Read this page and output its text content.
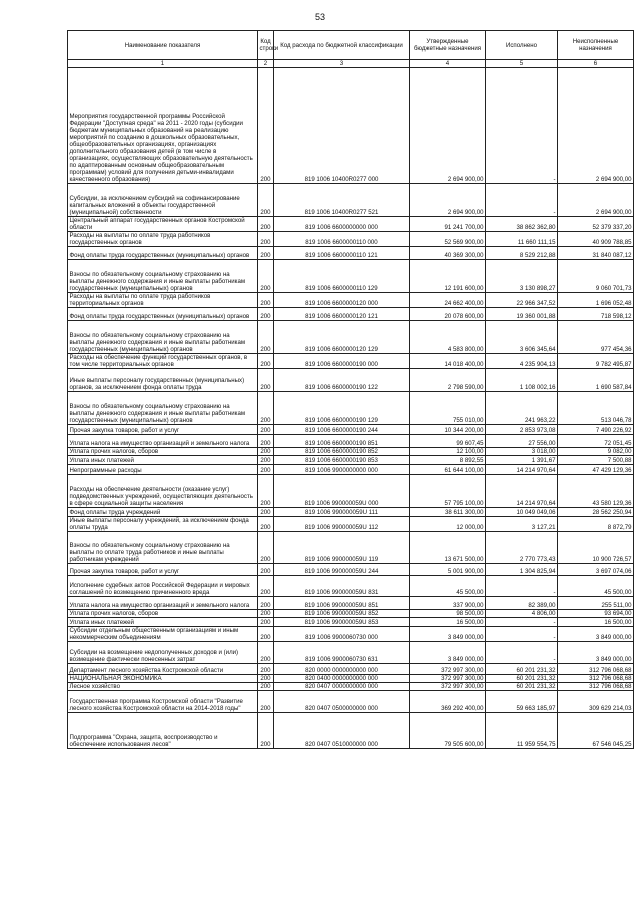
53
Наименование показателя	Код строки	Код расхода по бюджетной классификации	Утвержденные бюджетные назначения	Исполнено	Неисполненные назначения
1	2	3	4	5	6
Мероприятия государственной программы Российской Федерации "Доступная среда" на 2011 - 2020 годы (субсидии бюджетам муниципальных образований на реализацию мероприятий по созданию в дошкольных образовательных, общеобразовательных организациях, организациях дополнительного образования детей (в том числе в организациях, осуществляющих образовательную деятельность по адаптированным основным общеобразовательным программам) условий для получения детьми-инвалидами качественного образования)	200	819 1006 10400R0277 000	2 694 900,00	-	2 694 900,00
Субсидии, за исключением субсидий на софинансирование капитальных вложений в объекты государственной (муниципальной) собственности	200	819 1006 10400R0277 521	2 694 900,00	-	2 694 900,00
Центральный аппарат государственных органов Костромской области	200	819 1006 6600000000 000	91 241 700,00	38 862 362,80	52 379 337,20
Расходы на выплаты по оплате труда работников государственных органов	200	819 1006 6600000110 000	52 569 900,00	11 660 111,15	40 909 788,85
Фонд оплаты труда государственных (муниципальных) органов	200	819 1006 6600000110 121	40 369 300,00	8 529 212,88	31 840 087,12
Взносы по обязательному социальному страхованию на выплаты денежного содержания и иные выплаты работникам государственных (муниципальных) органов	200	819 1006 6600000110 129	12 191 600,00	3 130 898,27	9 060 701,73
Расходы на выплаты по оплате труда работников территориальных органов	200	819 1006 6600000120 000	24 662 400,00	22 966 347,52	1 696 052,48
Фонд оплаты труда государственных (муниципальных) органов	200	819 1006 6600000120 121	20 078 600,00	19 360 001,88	718 598,12
Взносы по обязательному социальному страхованию на выплаты денежного содержания и иные выплаты работникам государственных (муниципальных) органов	200	819 1006 6600000120 129	4 583 800,00	3 606 345,64	977 454,36
Расходы на обеспечение функций государственных органов, в том числе территориальных органов	200	819 1006 6600000190 000	14 018 400,00	4 235 904,13	9 782 495,87
Иные выплаты персоналу государственных (муниципальных) органов, за исключением фонда оплаты труда	200	819 1006 6600000190 122	2 798 590,00	1 108 002,16	1 690 587,84
Взносы по обязательному социальному страхованию на выплаты денежного содержания и иные выплаты работникам государственных (муниципальных) органов	200	819 1006 6600000190 129	755 010,00	241 963,22	513 046,78
Прочая закупка товаров, работ и услуг	200	819 1006 6600000190 244	10 344 200,00	2 853 973,08	7 490 226,92
Уплата налога на имущество организаций и земельного налога	200	819 1006 6600000190 851	99 607,45	27 556,00	72 051,45
Уплата прочих налогов, сборов	200	819 1006 6600000190 852	12 100,00	3 018,00	9 082,00
Уплата иных платежей	200	819 1006 6600000190 853	8 892,55	1 391,67	7 500,88
Непрограммные расходы	200	819 1006 9900000000 000	61 644 100,00	14 214 970,64	47 429 129,36
Расходы на обеспечение деятельности (оказание услуг) подведомственных учреждений, осуществляющих деятельность в сфере социальной защиты населения	200	819 1006 990000059U 000	57 795 100,00	14 214 970,64	43 580 129,36
Фонд оплаты труда учреждений	200	819 1006 990000059U 111	38 611 300,00	10 049 049,06	28 562 250,94
Иные выплаты персоналу учреждений, за исключением фонда оплаты труда	200	819 1006 990000059U 112	12 000,00	3 127,21	8 872,79
Взносы по обязательному социальному страхованию на выплаты по оплате труда работников и иные выплаты работникам учреждений	200	819 1006 990000059U 119	13 671 500,00	2 770 773,43	10 900 726,57
Прочая закупка товаров, работ и услуг	200	819 1006 990000059U 244	5 001 900,00	1 304 825,94	3 697 074,06
Исполнение судебных актов Российской Федерации и мировых соглашений по возмещению причиненного вреда	200	819 1006 990000059U 831	45 500,00	-	45 500,00
Уплата налога на имущество организаций и земельного налога	200	819 1006 990000059U 851	337 900,00	82 389,00	255 511,00
Уплата прочих налогов, сборов	200	819 1006 990000059U 852	98 500,00	4 806,00	93 694,00
Уплата иных платежей	200	819 1006 990000059U 853	16 500,00	-	16 500,00
Субсидии отдельным общественным организациям и иным некоммерческим объединениям	200	819 1006 9900060730 000	3 849 000,00	-	3 849 000,00
Субсидии на возмещение недополученных доходов и (или) возмещение фактически понесенных затрат	200	819 1006 9900060730 631	3 849 000,00	-	3 849 000,00
Департамент лесного хозяйства Костромской области	200	820 0000 0000000000 000	372 997 300,00	60 201 231,32	312 796 068,68
НАЦИОНАЛЬНАЯ ЭКОНОМИКА	200	820 0400 0000000000 000	372 997 300,00	60 201 231,32	312 796 068,68
Лесное хозяйство	200	820 0407 0000000000 000	372 997 300,00	60 201 231,32	312 796 068,68
Государственная программа Костромской области "Развитие лесного хозяйства Костромской области на 2014-2018 годы"	200	820 0407 0500000000 000	369 292 400,00	59 663 185,97	309 629 214,03
Подпрограмма "Охрана, защита, воспроизводство и обеспечение использования лесов"	200	820 0407 0510000000 000	79 505 600,00	11 959 554,75	67 546 045,25
